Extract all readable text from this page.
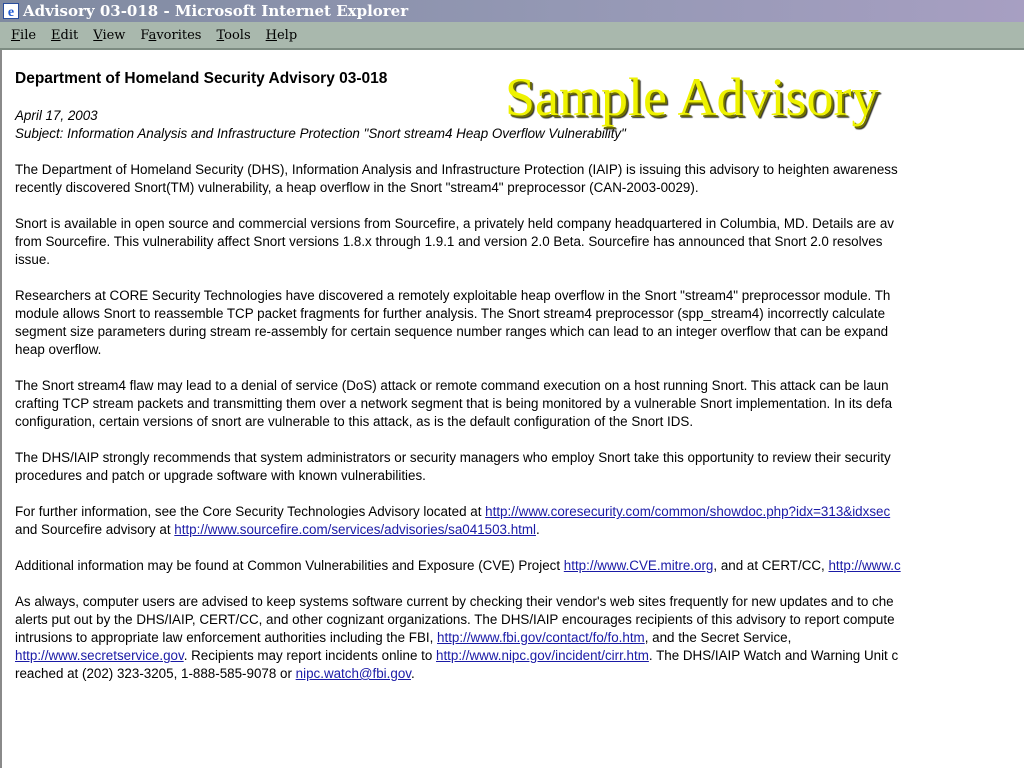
e Advisory 03-018 - Microsoft Internet Explorer
File Edit View Favorites Tools Help

Department of Homeland Security Advisory 03-018

April 17, 2003

Subject: Information Analysis and Infrastructure Protection "Snort stream4 Heap Overflow Vulnerability"

The Department of Homeland Security (DHS), Information Analysis and Infrastructure Protection (IAIP) is issuing this advisory to heighten awareness

recently discovered Snort(TM) vulnerability, a heap overflow in the Snort "stream4" preprocessor (CAN-2003-0029).

Snort is available in open source and commercial versions from Sourcefire, a privately held company headquartered in Columbia, MD. Details are av

from Sourcefire. This vulnerability affect Snort versions 1.8.x through 1.9.1 and version 2.0 Beta. Sourcefire has announced that Snort 2.0 resolves

issue.

Researchers at CORE Security Technologies have discovered a remotely exploitable heap overflow in the Snort "stream4" preprocessor module. Th

module allows Snort to reassemble TCP packet fragments for further analysis. The Snort stream4 preprocessor (spp_stream4) incorrectly calculate

segment size parameters during stream re-assembly for certain sequence number ranges which can lead to an integer overflow that can be expand

heap overflow.

The Snort stream4 flaw may lead to a denial of service (DoS) attack or remote command execution on a host running Snort. This attack can be laun

crafting TCP stream packets and transmitting them over a network segment that is being monitored by a vulnerable Snort implementation. In its defa

configuration, certain versions of snort are vulnerable to this attack, as is the default configuration of the Snort IDS.

The DHS/IAIP strongly recommends that system administrators or security managers who employ Snort take this opportunity to review their security

procedures and patch or upgrade software with known vulnerabilities.

For further information, see the Core Security Technologies Advisory located at http://www.coresecurity.com/common/showdoc.php?idx=313&idxsec

and Sourcefire advisory at http://www.sourcefire.com/services/advisories/sa041503.html.

Additional information may be found at Common Vulnerabilities and Exposure (CVE) Project http://www.CVE.mitre.org, and at CERT/CC, http://www.c

As always, computer users are advised to keep systems software current by checking their vendor's web sites frequently for new updates and to che

alerts put out by the DHS/IAIP, CERT/CC, and other cognizant organizations. The DHS/IAIP encourages recipients of this advisory to report compute

intrusions to appropriate law enforcement authorities including the FBI, http://www.fbi.gov/contact/fo/fo.htm, and the Secret Service,

http://www.secretservice.gov. Recipients may report incidents online to http://www.nipc.gov/incident/cirr.htm. The DHS/IAIP Watch and Warning Unit c

reached at (202) 323-3205, 1-888-585-9078 or nipc.watch@fbi.gov.

Sample Advisory
